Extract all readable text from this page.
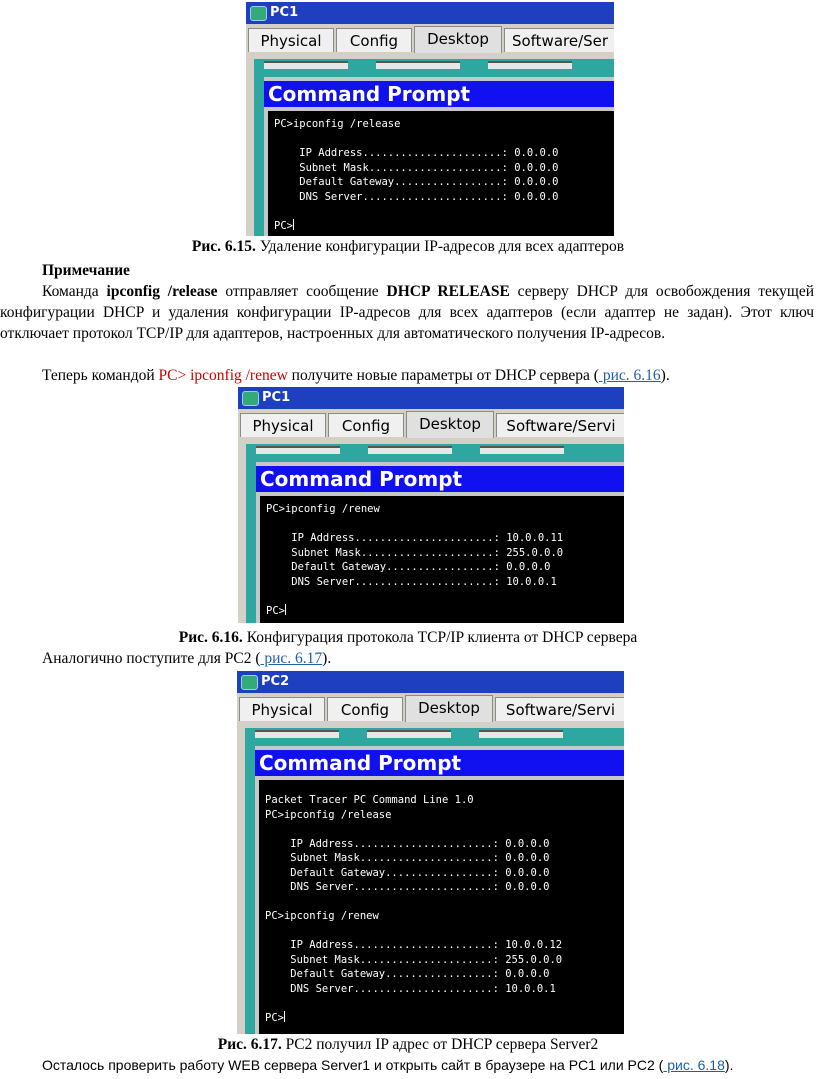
PC1
Physical	Config	Desktop	Software/Ser
Command Prompt
PC>ipconfig /release
IP Address......................: 0.0.0.0
Subnet Mask.....................: 0.0.0.0
Default Gateway.................: 0.0.0.0
DNS Server......................: 0.0.0.0
PC>
Рис. 6.15. Удаление конфигурации IP-адресов для всех адаптеров
Примечание
Команда ipconfig /release отправляет сообщение DHCP RELEASE серверу DHCP для освобождения текущей конфигурации DHCP и удаления конфигурации IP-адресов для всех адаптеров (если адаптер не задан). Этот ключ отключает протокол TCP/IP для адаптеров, настроенных для автоматического получения IP-адресов.
Теперь командой PC> ipconfig /renew получите новые параметры от DHCP сервера ( рис. 6.16).
PC1
Physical	Config	Desktop	Software/Servi
Command Prompt
PC>ipconfig /renew
IP Address......................: 10.0.0.11
Subnet Mask.....................: 255.0.0.0
Default Gateway.................: 0.0.0.0
DNS Server......................: 10.0.0.1
PC>
Рис. 6.16. Конфигурация протокола TCP/IP клиента от DHCP сервера
Аналогично поступите для PC2 ( рис. 6.17).
PC2
Physical	Config	Desktop	Software/Servi
Command Prompt
Packet Tracer PC Command Line 1.0
PC>ipconfig /release
IP Address......................: 0.0.0.0
Subnet Mask.....................: 0.0.0.0
Default Gateway.................: 0.0.0.0
DNS Server......................: 0.0.0.0
PC>ipconfig /renew
IP Address......................: 10.0.0.12
Subnet Mask.....................: 255.0.0.0
Default Gateway.................: 0.0.0.0
DNS Server......................: 10.0.0.1
PC>
Рис. 6.17. PC2 получил IP адрес от DHCP сервера Server2
Осталось проверить работу WEB сервера Server1 и открыть сайт в браузере на PC1 или PC2 ( рис. 6.18).
